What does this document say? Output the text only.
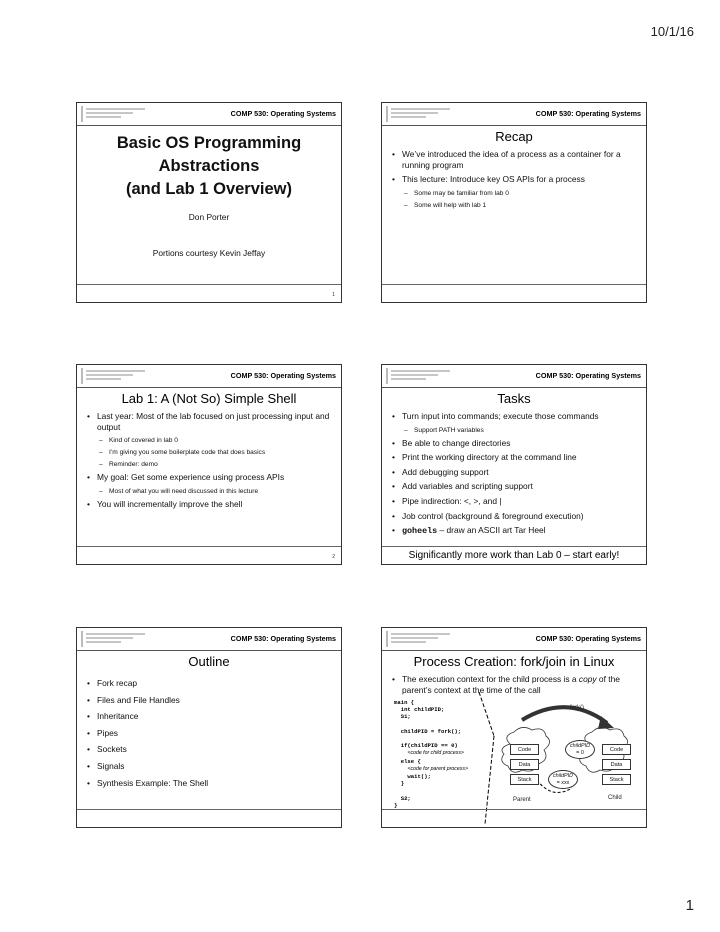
10/1/16
COMP 530: Operating Systems
Basic OS Programming
Abstractions
(and Lab 1 Overview)
Don Porter
Portions courtesy Kevin Jeffay
1
COMP 530: Operating Systems
Recap
• We’ve introduced the idea of a process as a container for a running program
• This lecture: Introduce key OS APIs for a process
– Some may be familiar from lab 0
– Some will help with lab 1
COMP 530: Operating Systems
Lab 1: A (Not So) Simple Shell
• Last year: Most of the lab focused on just processing input and output
– Kind of covered in lab 0
– I’m giving you some boilerplate code that does basics
– Reminder: demo
• My goal: Get some experience using process APIs
– Most of what you will need discussed in this lecture
• You will incrementally improve the shell
2
COMP 530: Operating Systems
Tasks
• Turn input into commands; execute those commands
– Support PATH variables
• Be able to change directories
• Print the working directory at the command line
• Add debugging support
• Add variables and scripting support
• Pipe indirection: <, >, and |
• Job control (background & foreground execution)
• goheels – draw an ASCII art Tar Heel
Significantly more work than Lab 0 – start early!
COMP 530: Operating Systems
Outline
• Fork recap
• Files and File Handles
• Inheritance
• Pipes
• Sockets
• Signals
• Synthesis Example: The Shell
COMP 530: Operating Systems
Process Creation: fork/join in Linux
• The execution context for the child process is a copy of the parent’s context at the time of the call
main {
int childPID;
S1;

childPID = fork();

if(childPID == 0)
<code for child process>
else {
<code for parent process>
wait();
}

S2;
}
fork()
Code
Data
Stack
Code
Data
Stack
childPID
= 0
childPID
= xxx
Parent	Child
1
